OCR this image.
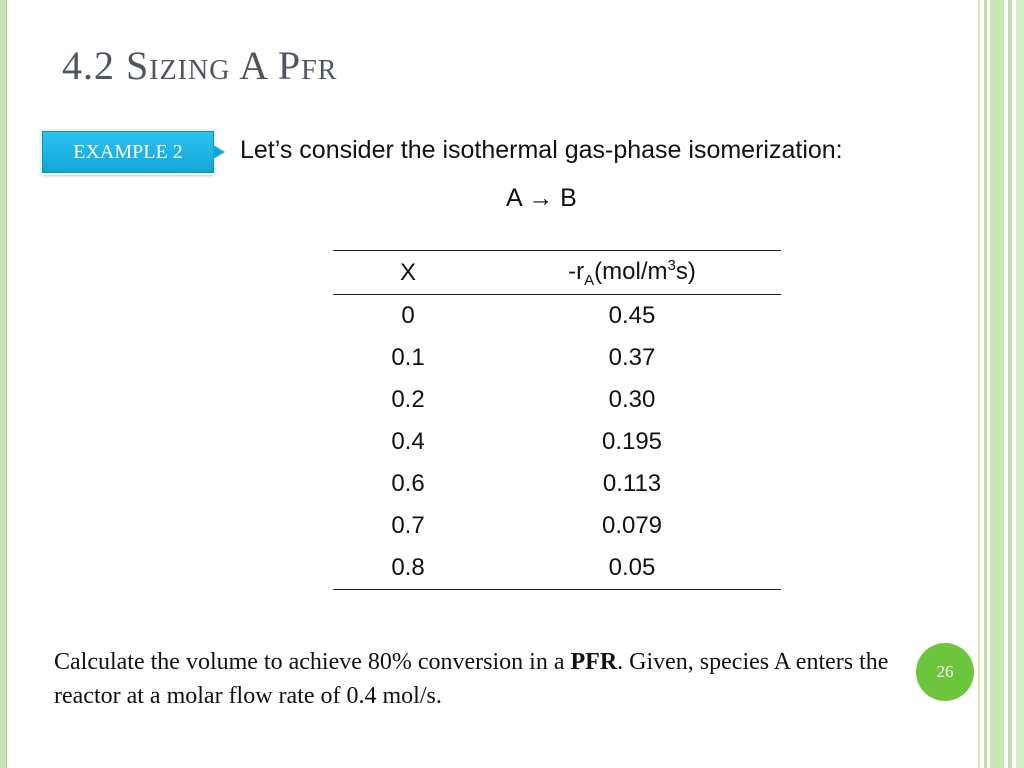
4.2 Sizing A Pfr
EXAMPLE 2	Let’s consider the isothermal gas-phase isomerization:
A → B
X	$-r_A(mol/m^3s)$
0	0.45
0.1	0.37
0.2	0.30
0.4	0.195
0.6	0.113
0.7	0.079
0.8	0.05
Calculate the volume to achieve 80% conversion in a PFR. Given, species A enters the reactor at a molar flow rate of 0.4 mol/s.
26
